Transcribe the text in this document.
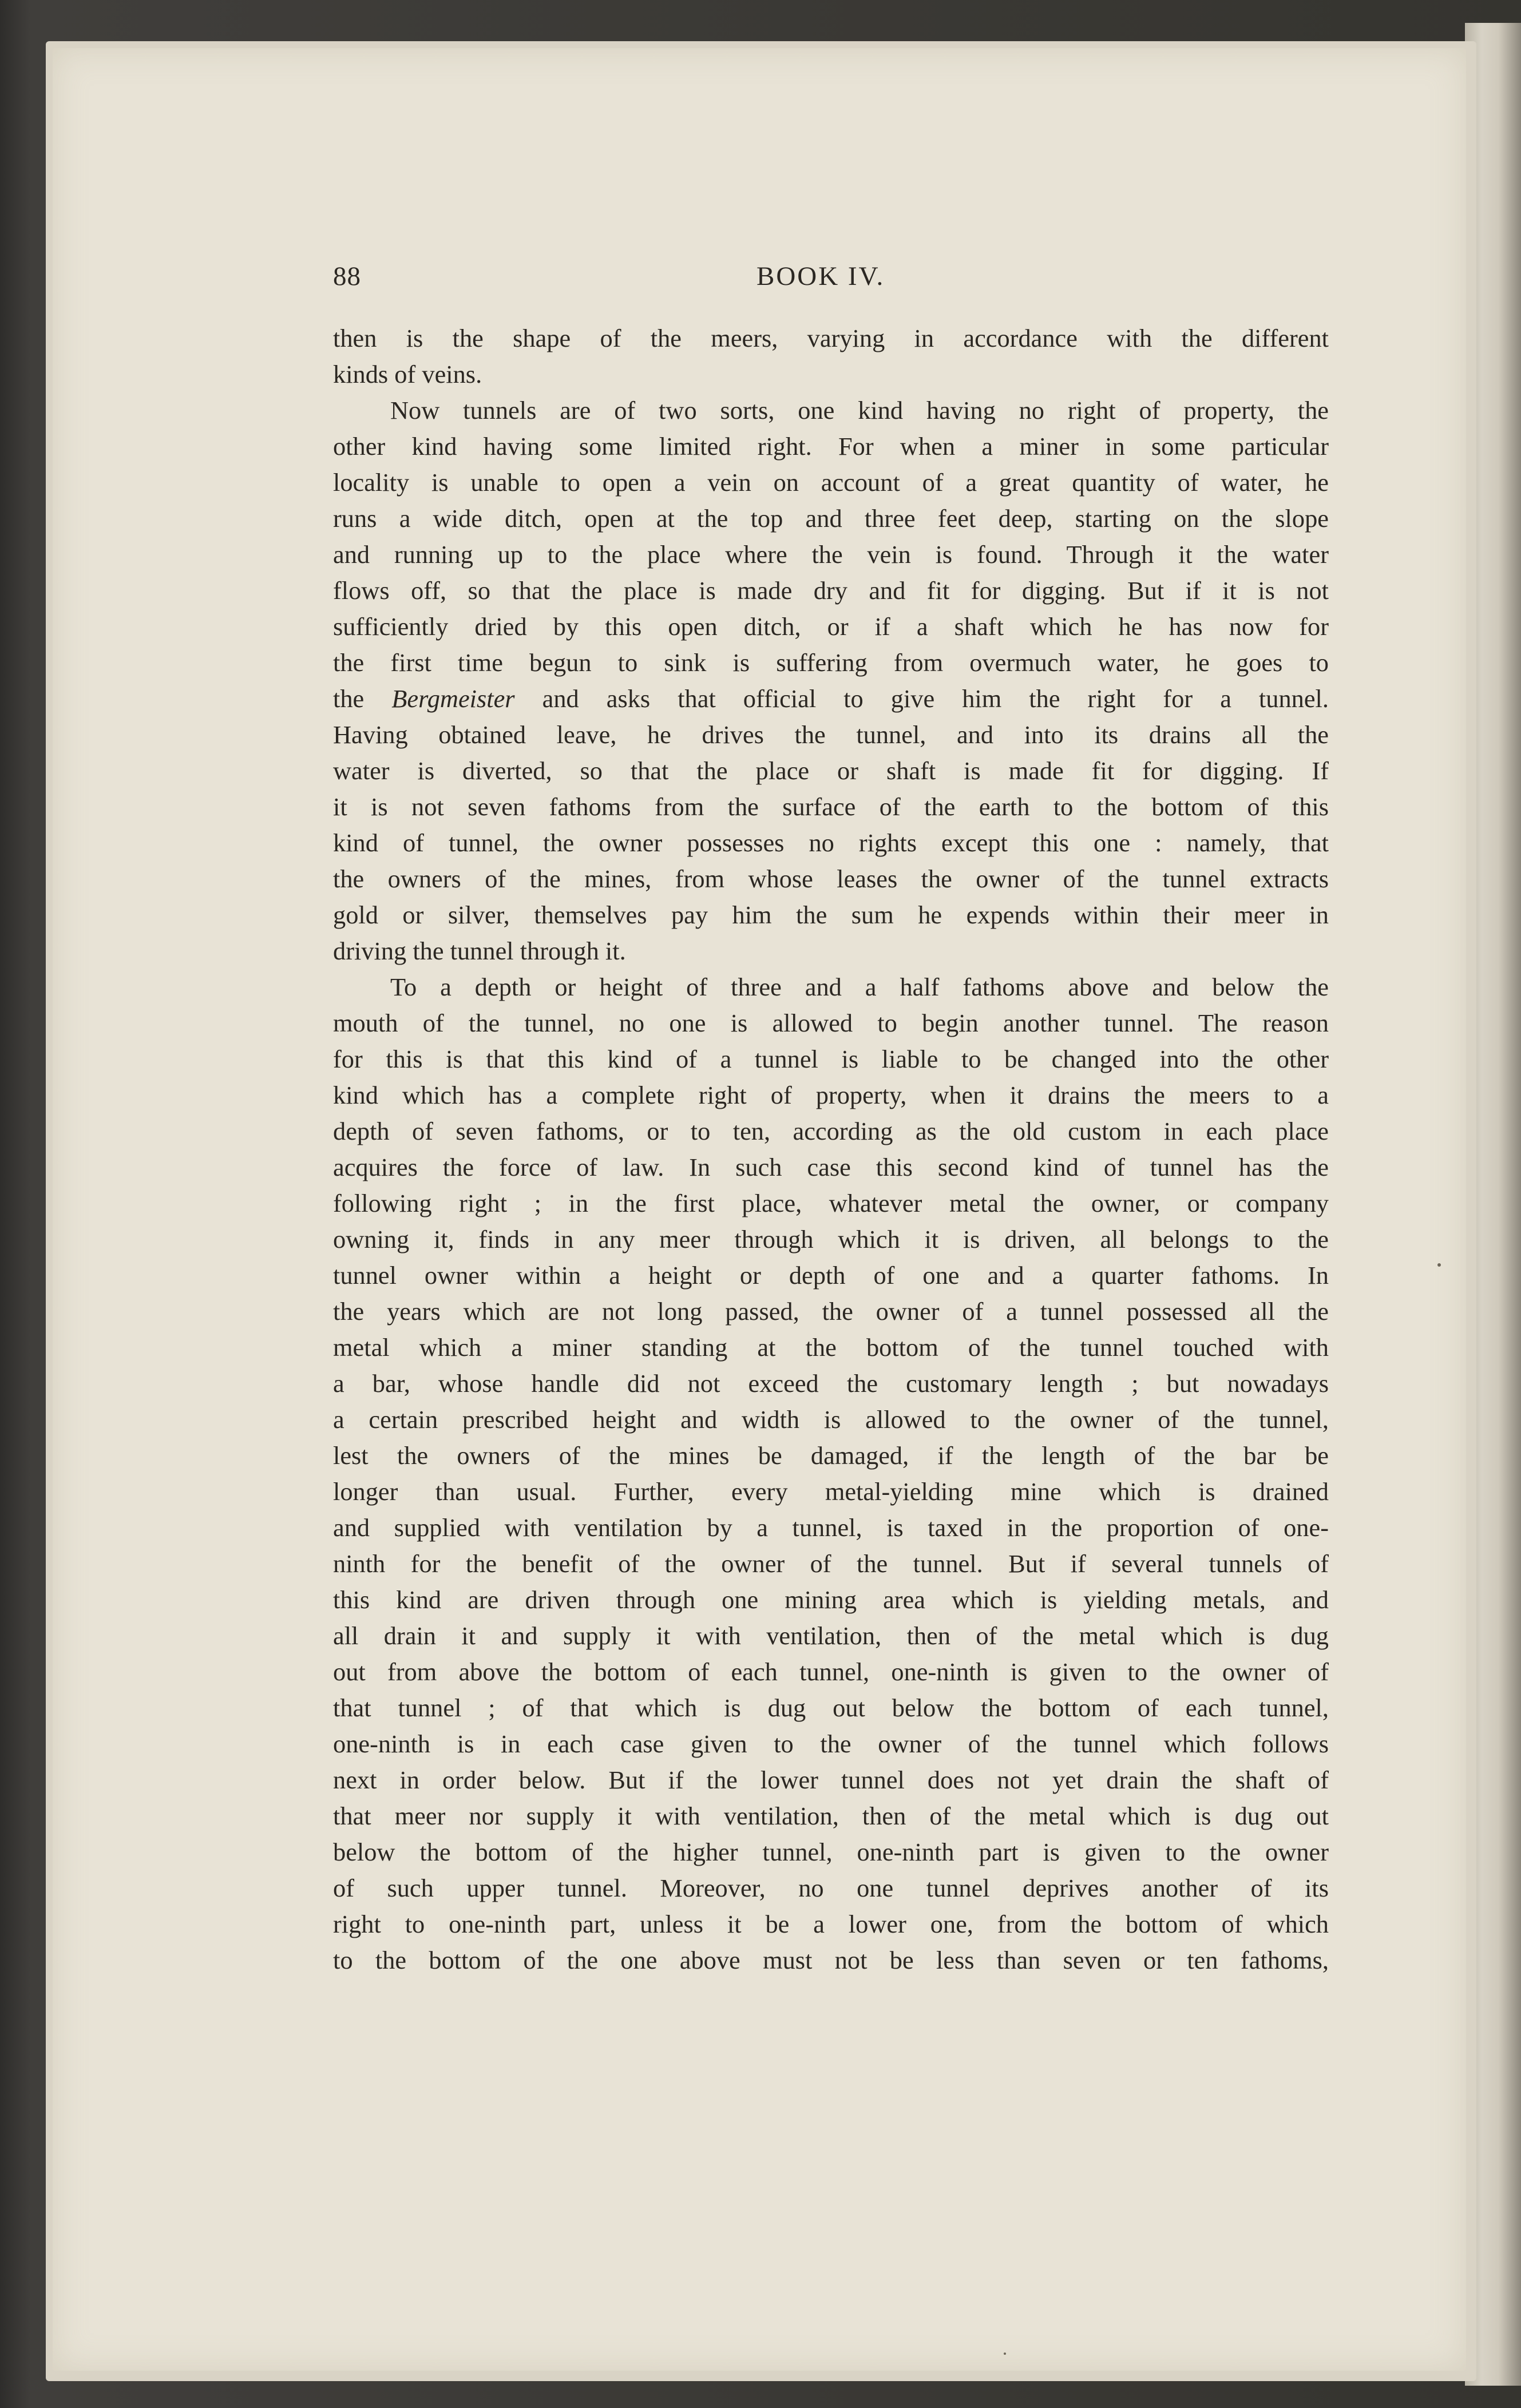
88	BOOK IV.

then is the shape of the meers, varying in accordance with the different

kinds of veins.

Now tunnels are of two sorts, one kind having no right of property, the

other kind having some limited right. For when a miner in some particular

locality is unable to open a vein on account of a great quantity of water, he

runs a wide ditch, open at the top and three feet deep, starting on the slope

and running up to the place where the vein is found. Through it the water

flows off, so that the place is made dry and fit for digging. But if it is not

sufficiently dried by this open ditch, or if a shaft which he has now for

the first time begun to sink is suffering from overmuch water, he goes to

the Bergmeister and asks that official to give him the right for a tunnel.

Having obtained leave, he drives the tunnel, and into its drains all the

water is diverted, so that the place or shaft is made fit for digging. If

it is not seven fathoms from the surface of the earth to the bottom of this

kind of tunnel, the owner possesses no rights except this one : namely, that

the owners of the mines, from whose leases the owner of the tunnel extracts

gold or silver, themselves pay him the sum he expends within their meer in

driving the tunnel through it.

To a depth or height of three and a half fathoms above and below the

mouth of the tunnel, no one is allowed to begin another tunnel. The reason

for this is that this kind of a tunnel is liable to be changed into the other

kind which has a complete right of property, when it drains the meers to a

depth of seven fathoms, or to ten, according as the old custom in each place

acquires the force of law. In such case this second kind of tunnel has the

following right ; in the first place, whatever metal the owner, or company

owning it, finds in any meer through which it is driven, all belongs to the

tunnel owner within a height or depth of one and a quarter fathoms. In

the years which are not long passed, the owner of a tunnel possessed all the

metal which a miner standing at the bottom of the tunnel touched with

a bar, whose handle did not exceed the customary length ; but nowadays

a certain prescribed height and width is allowed to the owner of the tunnel,

lest the owners of the mines be damaged, if the length of the bar be

longer than usual. Further, every metal-yielding mine which is drained

and supplied with ventilation by a tunnel, is taxed in the proportion of one-

ninth for the benefit of the owner of the tunnel. But if several tunnels of

this kind are driven through one mining area which is yielding metals, and

all drain it and supply it with ventilation, then of the metal which is dug

out from above the bottom of each tunnel, one-ninth is given to the owner of

that tunnel ; of that which is dug out below the bottom of each tunnel,

one-ninth is in each case given to the owner of the tunnel which follows

next in order below. But if the lower tunnel does not yet drain the shaft of

that meer nor supply it with ventilation, then of the metal which is dug out

below the bottom of the higher tunnel, one-ninth part is given to the owner

of such upper tunnel. Moreover, no one tunnel deprives another of its

right to one-ninth part, unless it be a lower one, from the bottom of which

to the bottom of the one above must not be less than seven or ten fathoms,
